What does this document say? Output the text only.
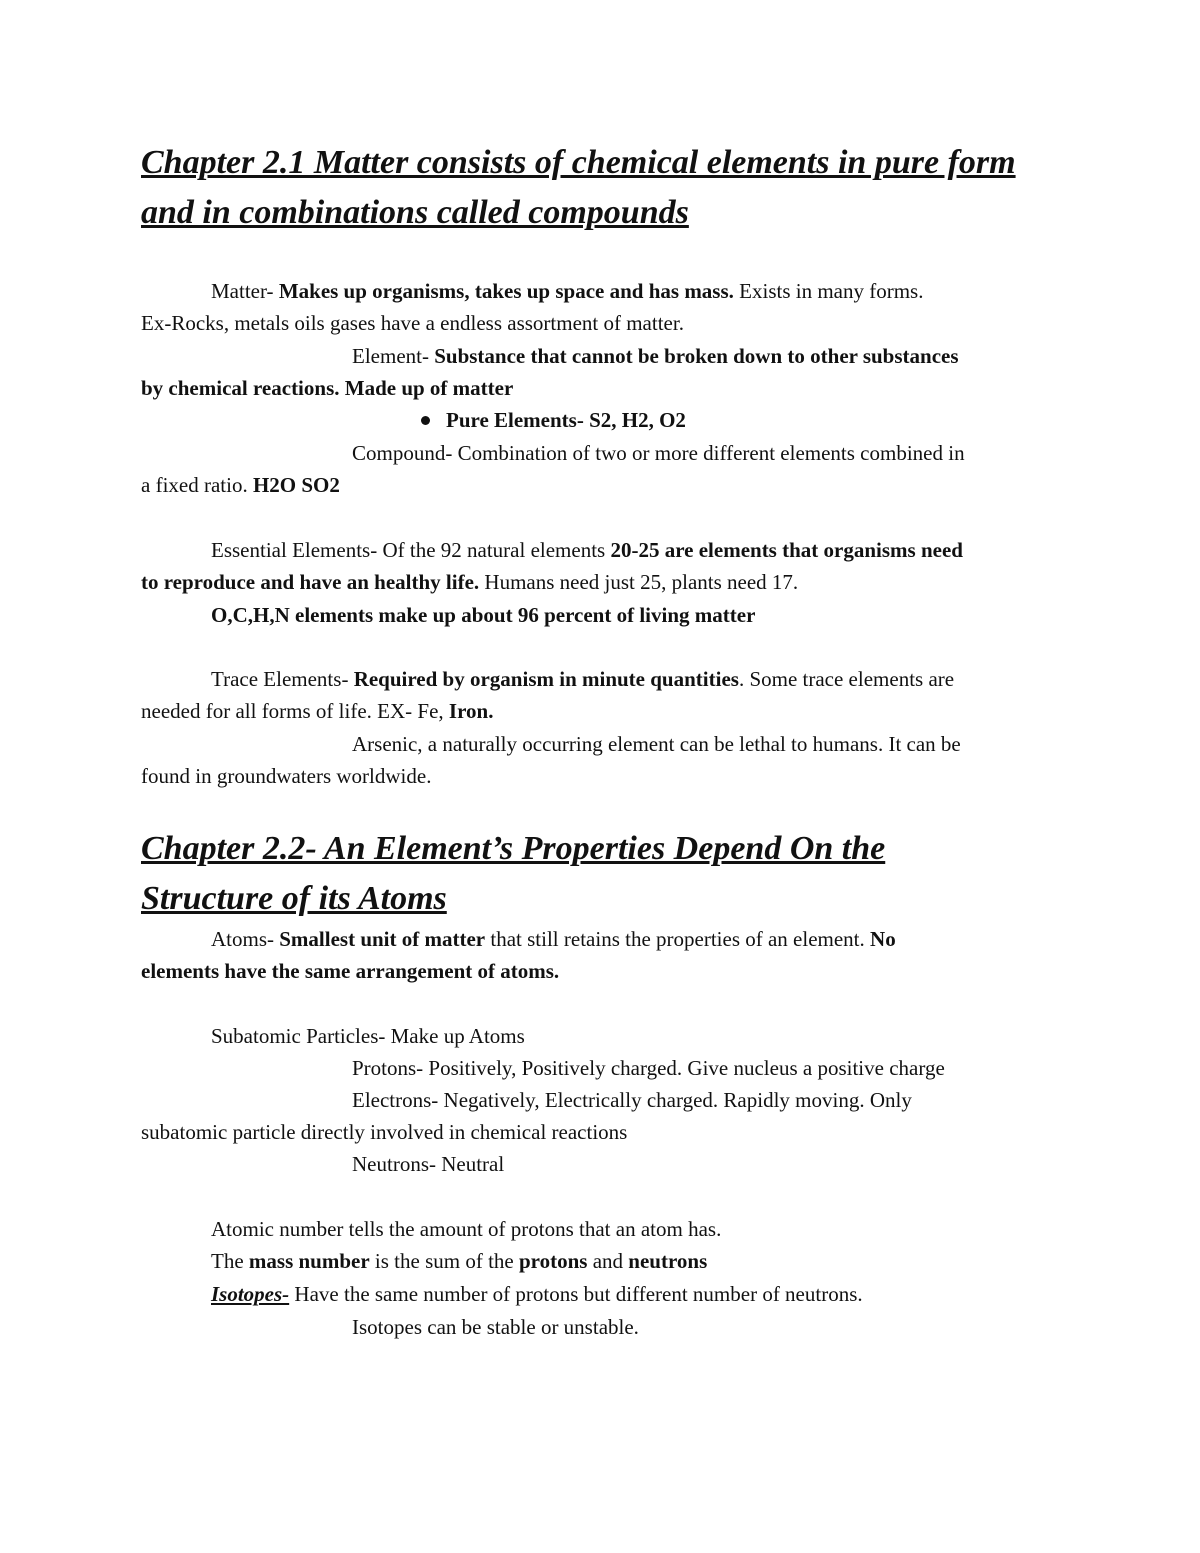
Chapter 2.1 Matter consists of chemical elements in pure form
and in combinations called compounds
Matter- Makes up organisms, takes up space and has mass. Exists in many forms.
Ex-Rocks, metals oils gases have a endless assortment of matter.
Element- Substance that cannot be broken down to other substances
by chemical reactions. Made up of matter
Pure Elements- S2, H2, O2
Compound- Combination of two or more different elements combined in
a fixed ratio. H2O SO2
Essential Elements- Of the 92 natural elements 20-25 are elements that organisms need
to reproduce and have an healthy life. Humans need just 25, plants need 17.
O,C,H,N elements make up about 96 percent of living matter
Trace Elements- Required by organism in minute quantities. Some trace elements are
needed for all forms of life. EX- Fe, Iron.
Arsenic, a naturally occurring element can be lethal to humans. It can be
found in groundwaters worldwide.
Chapter 2.2- An Element’s Properties Depend On the
Structure of its Atoms
Atoms- Smallest unit of matter that still retains the properties of an element. No
elements have the same arrangement of atoms.
Subatomic Particles- Make up Atoms
Protons- Positively, Positively charged. Give nucleus a positive charge
Electrons- Negatively, Electrically charged. Rapidly moving. Only
subatomic particle directly involved in chemical reactions
Neutrons- Neutral
Atomic number tells the amount of protons that an atom has.
The mass number is the sum of the protons and neutrons
Isotopes- Have the same number of protons but different number of neutrons.
Isotopes can be stable or unstable.
